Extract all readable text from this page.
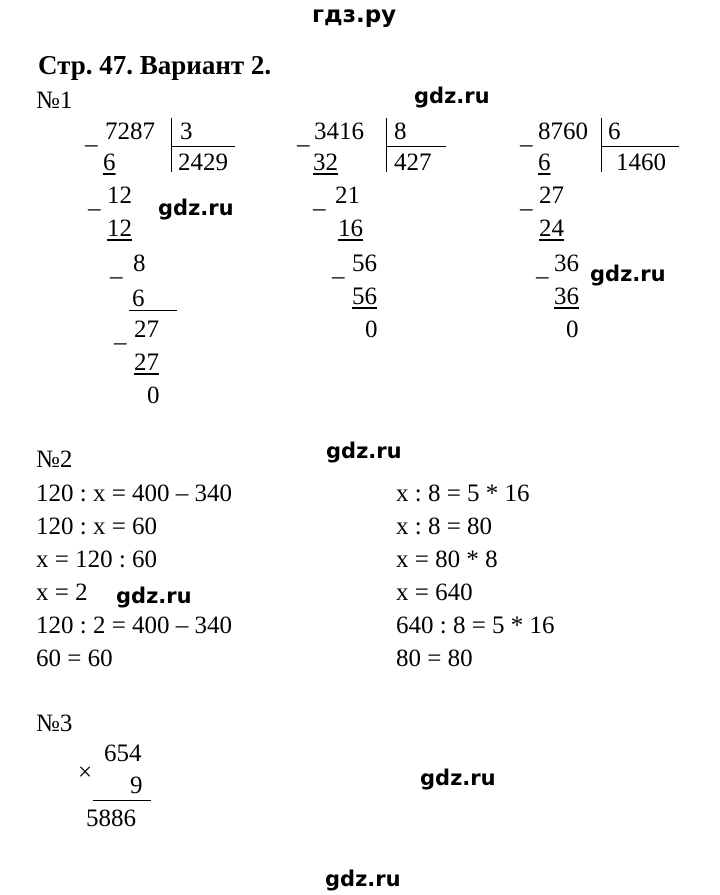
гдз.ру
Стр. 47. Вариант 2.
№1	gdz.ru
_ 7287 3
2429
6
_ 12
12
_ 8
6
_ 27
27
0
gdz.ru
_ 3416 8
427
32
_ 21
16
_ 56
56
0
_ 8760 6
1460
6
_ 27
24
_ 36
36
0
gdz.ru
gdz.ru
№2
120 : x = 400 – 340
120 : x = 60
x = 120 : 60
x = 2
120 : 2 = 400 – 340
60 = 60
gdz.ru
x : 8 = 5 * 16
x : 8 = 80
x = 80 * 8
x = 640
640 : 8 = 5 * 16
80 = 80
№3
×
654
9
5886
gdz.ru
gdz.ru
